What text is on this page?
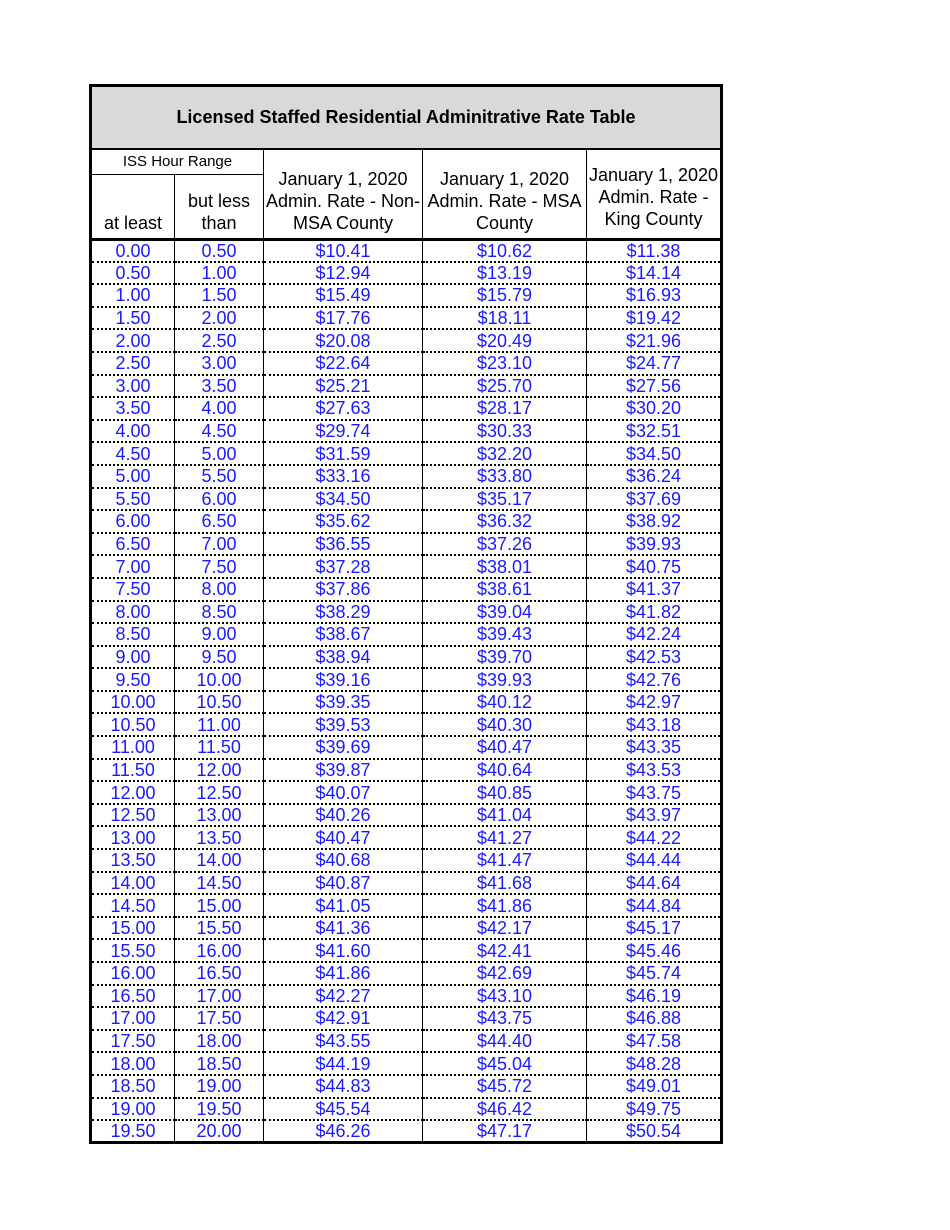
Licensed Staffed Residential Adminitrative Rate Table				
ISS Hour Range		January 1, 2020 Admin. Rate - Non-MSA County	January 1, 2020 Admin. Rate - MSA County	January 1, 2020 Admin. Rate - King County

at least	but less than			
0.00	0.50	$10.41	$10.62	$11.38
0.50	1.00	$12.94	$13.19	$14.14
1.00	1.50	$15.49	$15.79	$16.93
1.50	2.00	$17.76	$18.11	$19.42
2.00	2.50	$20.08	$20.49	$21.96
2.50	3.00	$22.64	$23.10	$24.77
3.00	3.50	$25.21	$25.70	$27.56
3.50	4.00	$27.63	$28.17	$30.20
4.00	4.50	$29.74	$30.33	$32.51
4.50	5.00	$31.59	$32.20	$34.50
5.00	5.50	$33.16	$33.80	$36.24
5.50	6.00	$34.50	$35.17	$37.69
6.00	6.50	$35.62	$36.32	$38.92
6.50	7.00	$36.55	$37.26	$39.93
7.00	7.50	$37.28	$38.01	$40.75
7.50	8.00	$37.86	$38.61	$41.37
8.00	8.50	$38.29	$39.04	$41.82
8.50	9.00	$38.67	$39.43	$42.24
9.00	9.50	$38.94	$39.70	$42.53
9.50	10.00	$39.16	$39.93	$42.76
10.00	10.50	$39.35	$40.12	$42.97
10.50	11.00	$39.53	$40.30	$43.18
11.00	11.50	$39.69	$40.47	$43.35
11.50	12.00	$39.87	$40.64	$43.53
12.00	12.50	$40.07	$40.85	$43.75
12.50	13.00	$40.26	$41.04	$43.97
13.00	13.50	$40.47	$41.27	$44.22
13.50	14.00	$40.68	$41.47	$44.44
14.00	14.50	$40.87	$41.68	$44.64
14.50	15.00	$41.05	$41.86	$44.84
15.00	15.50	$41.36	$42.17	$45.17
15.50	16.00	$41.60	$42.41	$45.46
16.00	16.50	$41.86	$42.69	$45.74
16.50	17.00	$42.27	$43.10	$46.19
17.00	17.50	$42.91	$43.75	$46.88
17.50	18.00	$43.55	$44.40	$47.58
18.00	18.50	$44.19	$45.04	$48.28
18.50	19.00	$44.83	$45.72	$49.01
19.00	19.50	$45.54	$46.42	$49.75
19.50	20.00	$46.26	$47.17	$50.54
